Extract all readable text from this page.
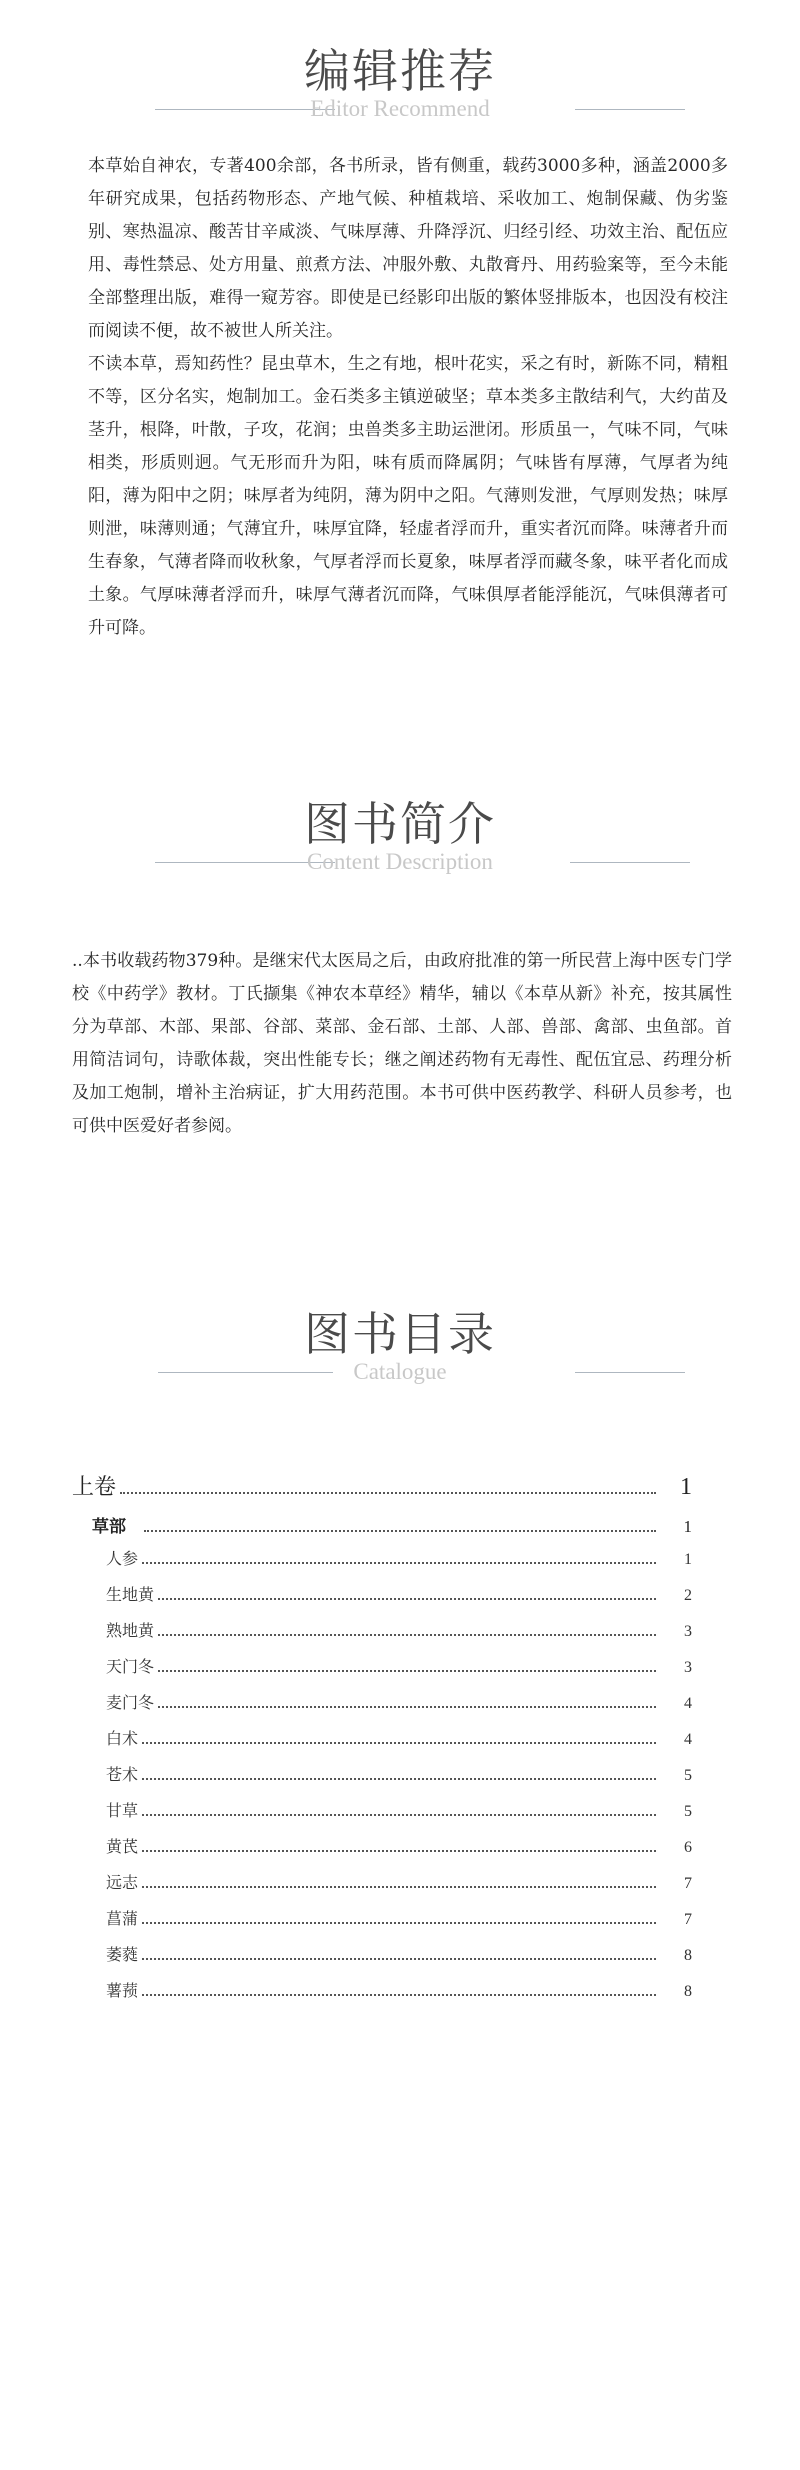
编辑推荐
Editor Recommend

本草始自神农，专著400余部，各书所录，皆有侧重，载药3000多种，涵盖2000多年研究成果，包括药物形态、产地气候、种植栽培、采收加工、炮制保藏、伪劣鉴别、寒热温凉、酸苦甘辛咸淡、气味厚薄、升降浮沉、归经引经、功效主治、配伍应用、毒性禁忌、处方用量、煎煮方法、冲服外敷、丸散膏丹、用药验案等，至今未能全部整理出版，难得一窥芳容。即使是已经影印出版的繁体竖排版本，也因没有校注而阅读不便，故不被世人所关注。

不读本草，焉知药性？昆虫草木，生之有地，根叶花实，采之有时，新陈不同，精粗不等，区分名实，炮制加工。金石类多主镇逆破坚；草本类多主散结利气，大约苗及茎升，根降，叶散，子攻，花润；虫兽类多主助运泄闭。形质虽一，气味不同，气味相类，形质则迥。气无形而升为阳，味有质而降属阴；气味皆有厚薄，气厚者为纯阳，薄为阳中之阴；味厚者为纯阴，薄为阴中之阳。气薄则发泄，气厚则发热；味厚则泄，味薄则通；气薄宜升，味厚宜降，轻虚者浮而升，重实者沉而降。味薄者升而生春象，气薄者降而收秋象，气厚者浮而长夏象，味厚者浮而藏冬象，味平者化而成土象。气厚味薄者浮而升，味厚气薄者沉而降，气味俱厚者能浮能沉，气味俱薄者可升可降。

图书简介
Content Description

..本书收载药物379种。是继宋代太医局之后，由政府批准的第一所民营上海中医专门学校《中药学》教材。丁氏撷集《神农本草经》精华，辅以《本草从新》补充，按其属性分为草部、木部、果部、谷部、菜部、金石部、土部、人部、兽部、禽部、虫鱼部。首用简洁词句，诗歌体裁，突出性能专长；继之阐述药物有无毒性、配伍宜忌、药理分析及加工炮制，增补主治病证，扩大用药范围。本书可供中医药教学、科研人员参考，也可供中医爱好者参阅。

图书目录
Catalogue
上卷	1
草部	1
人参	1
生地黄	2
熟地黄	3
天门冬	3
麦门冬	4
白术	4
苍术	5
甘草	5
黄芪	6
远志	7
菖蒲	7
萎蕤	8
薯蓣	8
